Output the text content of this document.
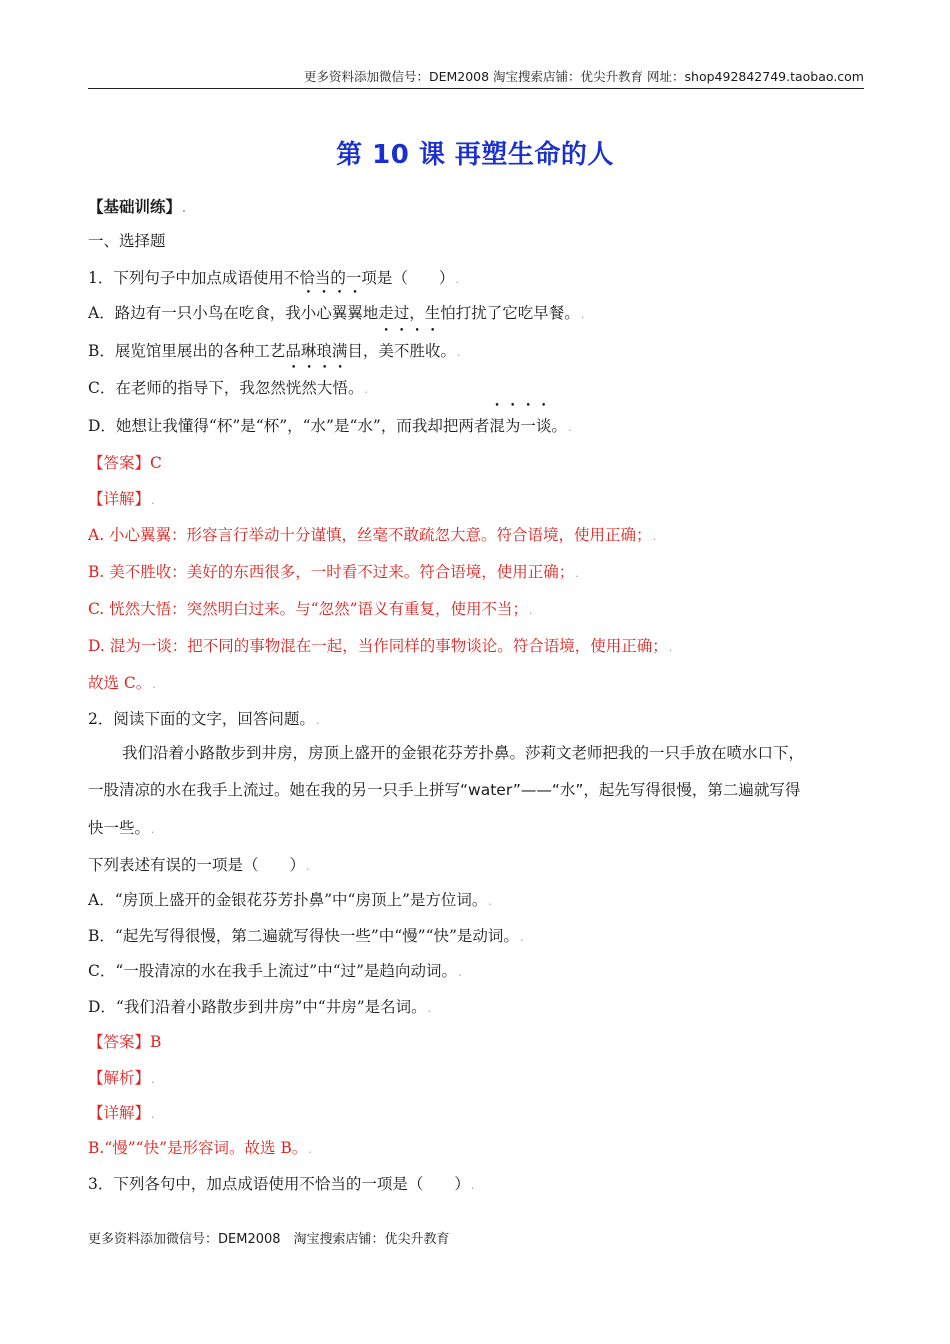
更多资料添加微信号：DEM2008 淘宝搜索店铺：优尖升教育 网址：shop492842749.taobao.com
第 10 课 再塑生命的人
【基础训练】.
一、选择题
1．下列句子中加点成语使用不恰当的一项是（　　）.
A．路边有一只小鸟在吃食，我小心翼翼地走过，生怕打扰了它吃早餐。.
B．展览馆里展出的各种工艺品琳琅满目，美不胜收。.
C．在老师的指导下，我忽然恍然大悟。.
D．她想让我懂得“杯”是“杯”，“水”是“水”，而我却把两者混为一谈。.
【答案】C
【详解】.
A. 小心翼翼：形容言行举动十分谨慎，丝毫不敢疏忽大意。符合语境，使用正确；.
B. 美不胜收：美好的东西很多，一时看不过来。符合语境，使用正确；.
C. 恍然大悟：突然明白过来。与“忽然”语义有重复，使用不当；.
D. 混为一谈：把不同的事物混在一起，当作同样的事物谈论。符合语境，使用正确；.
故选 C。.
2．阅读下面的文字，回答问题。.
我们沿着小路散步到井房，房顶上盛开的金银花芬芳扑鼻。莎莉文老师把我的一只手放在喷水口下，
一股清凉的水在我手上流过。她在我的另一只手上拼写“water”——“水”，起先写得很慢，第二遍就写得
快一些。.
下列表述有误的一项是（　　）.
A．“房顶上盛开的金银花芬芳扑鼻”中“房顶上”是方位词。.
B．“起先写得很慢，第二遍就写得快一些”中“慢”“快”是动词。.
C．“一股清凉的水在我手上流过”中“过”是趋向动词。.
D．“我们沿着小路散步到井房”中“井房”是名词。.
【答案】B
【解析】.
【详解】.
B.“慢”“快”是形容词。故选 B。.
3．下列各句中，加点成语使用不恰当的一项是（　　）.
更多资料添加微信号：DEM2008　淘宝搜索店铺：优尖升教育
